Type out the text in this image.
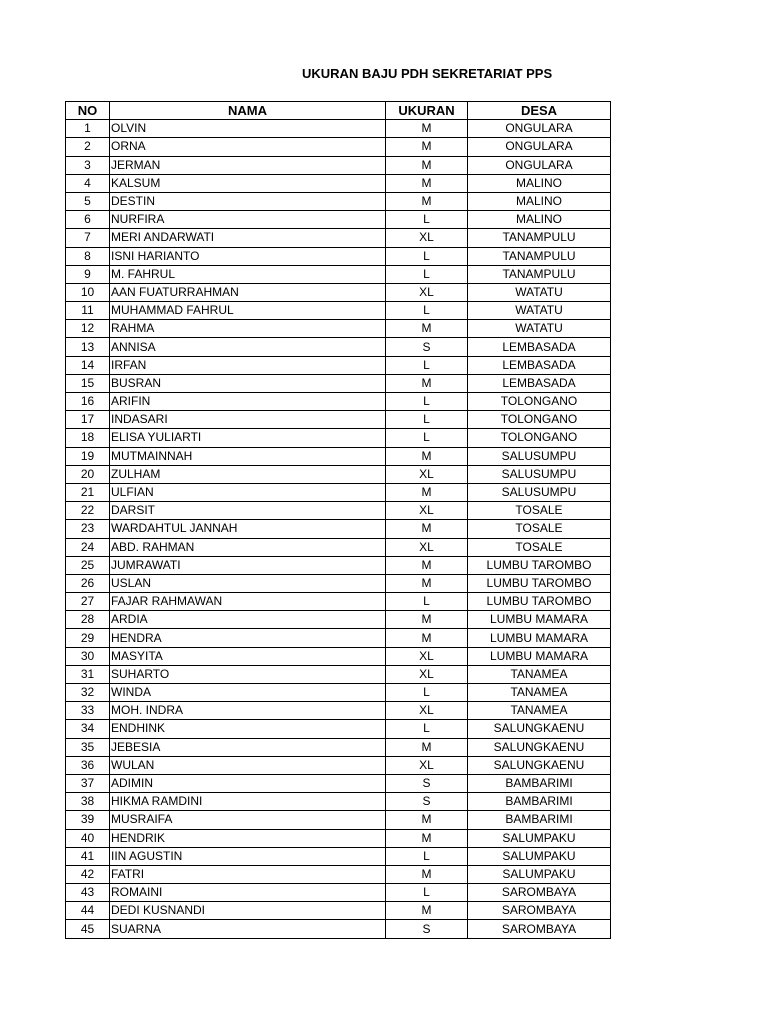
UKURAN BAJU PDH SEKRETARIAT PPS
NO	NAMA	UKURAN	DESA
1	OLVIN	M	ONGULARA
2	ORNA	M	ONGULARA
3	JERMAN	M	ONGULARA
4	KALSUM	M	MALINO
5	DESTIN	M	MALINO
6	NURFIRA	L	MALINO
7	MERI ANDARWATI	XL	TANAMPULU
8	ISNI HARIANTO	L	TANAMPULU
9	M. FAHRUL	L	TANAMPULU
10	AAN FUATURRAHMAN	XL	WATATU
11	MUHAMMAD FAHRUL	L	WATATU
12	RAHMA	M	WATATU
13	ANNISA	S	LEMBASADA
14	IRFAN	L	LEMBASADA
15	BUSRAN	M	LEMBASADA
16	ARIFIN	L	TOLONGANO
17	INDASARI	L	TOLONGANO
18	ELISA YULIARTI	L	TOLONGANO
19	MUTMAINNAH	M	SALUSUMPU
20	ZULHAM	XL	SALUSUMPU
21	ULFIAN	M	SALUSUMPU
22	DARSIT	XL	TOSALE
23	WARDAHTUL JANNAH	M	TOSALE
24	ABD. RAHMAN	XL	TOSALE
25	JUMRAWATI	M	LUMBU TAROMBO
26	USLAN	M	LUMBU TAROMBO
27	FAJAR RAHMAWAN	L	LUMBU TAROMBO
28	ARDIA	M	LUMBU MAMARA
29	HENDRA	M	LUMBU MAMARA
30	MASYITA	XL	LUMBU MAMARA
31	SUHARTO	XL	TANAMEA
32	WINDA	L	TANAMEA
33	MOH. INDRA	XL	TANAMEA
34	ENDHINK	L	SALUNGKAENU
35	JEBESIA	M	SALUNGKAENU
36	WULAN	XL	SALUNGKAENU
37	ADIMIN	S	BAMBARIMI
38	HIKMA RAMDINI	S	BAMBARIMI
39	MUSRAIFA	M	BAMBARIMI
40	HENDRIK	M	SALUMPAKU
41	IIN AGUSTIN	L	SALUMPAKU
42	FATRI	M	SALUMPAKU
43	ROMAINI	L	SAROMBAYA
44	DEDI KUSNANDI	M	SAROMBAYA
45	SUARNA	S	SAROMBAYA
